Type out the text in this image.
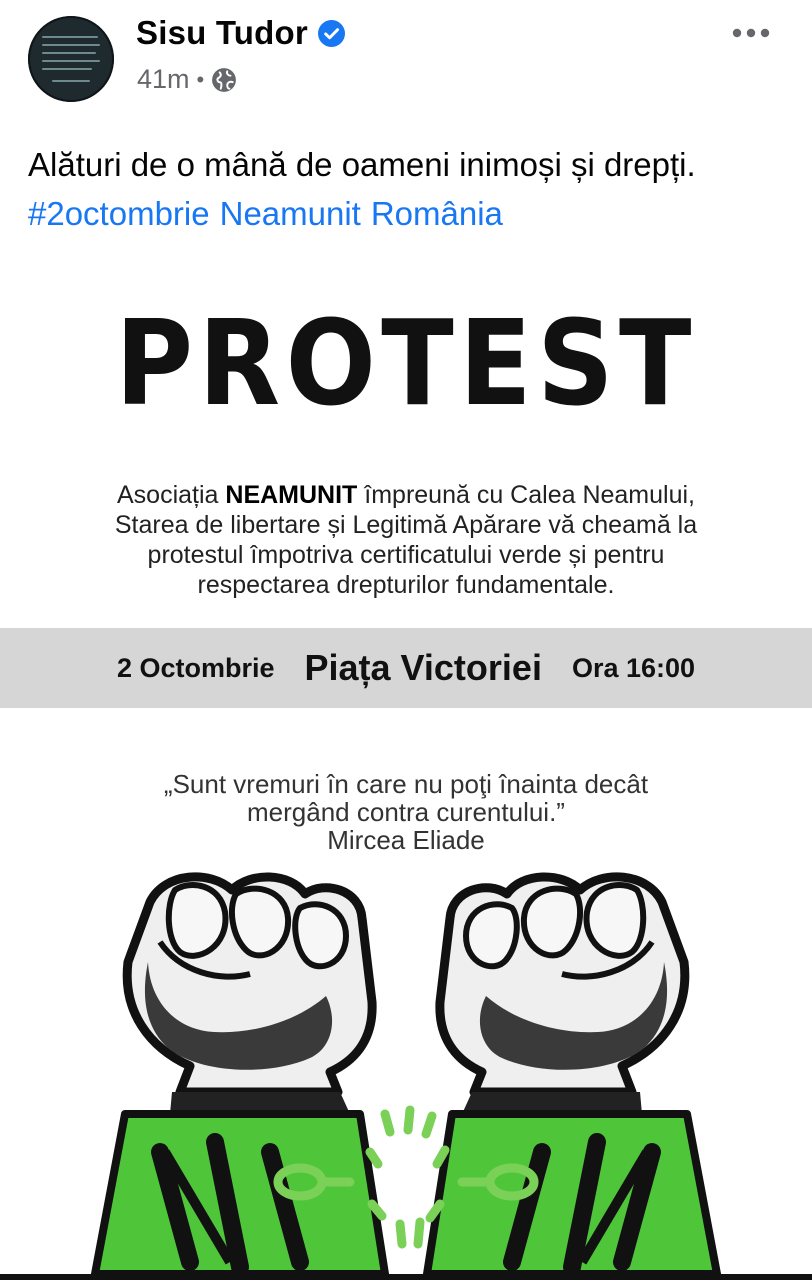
Sisu Tudor
41m •
Alături de o mână de oameni inimoși și drepți.
#2octombrie Neamunit România
PROTEST
Asociația NEAMUNIT împreună cu Calea Neamului, Starea de libertare și Legitimă Apărare vă cheamă la protestul împotriva certificatului verde și pentru respectarea drepturilor fundamentale.
2 Octombrie Piața Victoriei Ora 16:00
„Sunt vremuri în care nu poţi înainta decât
mergând contra curentului.”
Mircea Eliade
